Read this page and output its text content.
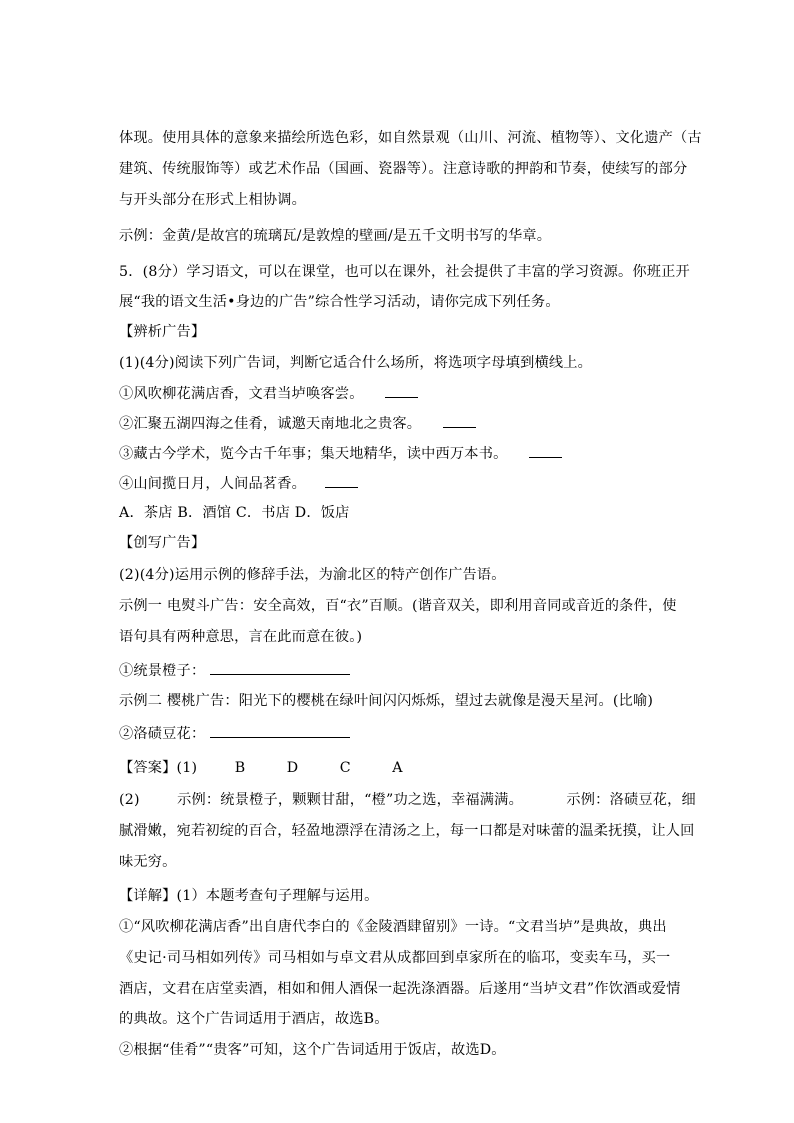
体现。使用具体的意象来描绘所选色彩，如自然景观（山川、河流、植物等）、文化遗产（古
建筑、传统服饰等）或艺术作品（国画、瓷器等）。注意诗歌的押韵和节奏，使续写的部分
与开头部分在形式上相协调。
示例：金黄/是故宫的琉璃瓦/是敦煌的壁画/是五千文明书写的华章。
5．(8分）学习语文，可以在课堂，也可以在课外，社会提供了丰富的学习资源。你班正开
展“我的语文生活•身边的广告”综合性学习活动，请你完成下列任务。
【辨析广告】
(1)(4分)阅读下列广告词，判断它适合什么场所，将选项字母填到横线上。
①风吹柳花满店香，文君当垆唤客尝。
②汇聚五湖四海之佳肴，诚邀天南地北之贵客。
③藏古今学术，览今古千年事；集天地精华，读中西万本书。
④山间揽日月，人间品茗香。
A．茶店 B．酒馆 C．书店 D．饭店
【创写广告】
(2)(4分)运用示例的修辞手法，为渝北区的特产创作广告语。
示例一 电熨斗广告：安全高效，百“衣”百顺。(谐音双关，即利用音同或音近的条件，使
语句具有两种意思，言在此而意在彼。)
①统景橙子：
示例二 樱桃广告：阳光下的樱桃在绿叶间闪闪烁烁，望过去就像是漫天星河。(比喻)
②洛碛豆花：
【答案】(1)	B	D	C	A
(2)	示例：统景橙子，颗颗甘甜，“橙”功之选，幸福满满。	示例：洛碛豆花，细
腻滑嫩，宛若初绽的百合，轻盈地漂浮在清汤之上，每一口都是对味蕾的温柔抚摸，让人回
味无穷。
【详解】(1）本题考查句子理解与运用。
①“风吹柳花满店香”出自唐代李白的《金陵酒肆留别》一诗。“文君当垆”是典故，典出
《史记·司马相如列传》司马相如与卓文君从成都回到卓家所在的临邛，变卖车马，买一
酒店，文君在店堂卖酒，相如和佣人酒保一起洗涤酒器。后遂用“当垆文君”作饮酒或爱情
的典故。这个广告词适用于酒店，故选B。
②根据“佳肴”“贵客”可知，这个广告词适用于饭店，故选D。
